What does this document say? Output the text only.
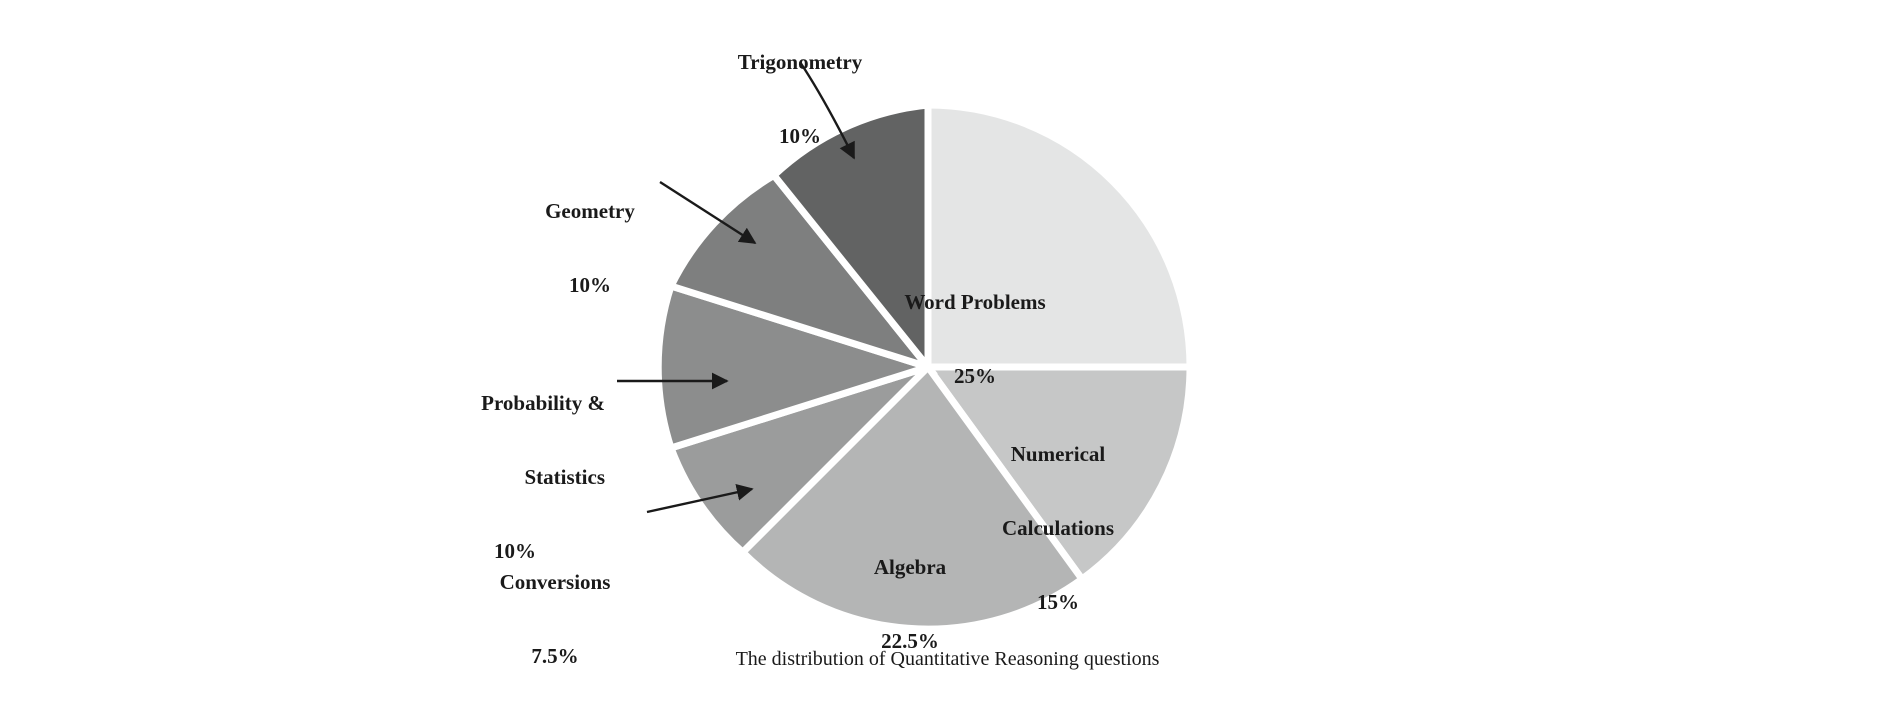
Trigonometry

10%

Geometry

10%

Probability &

Statistics

10%

Conversions

7.5%

Word Problems

25%

Numerical

Calculations

15%

Algebra

22.5%

The distribution of Quantitative Reasoning questions
